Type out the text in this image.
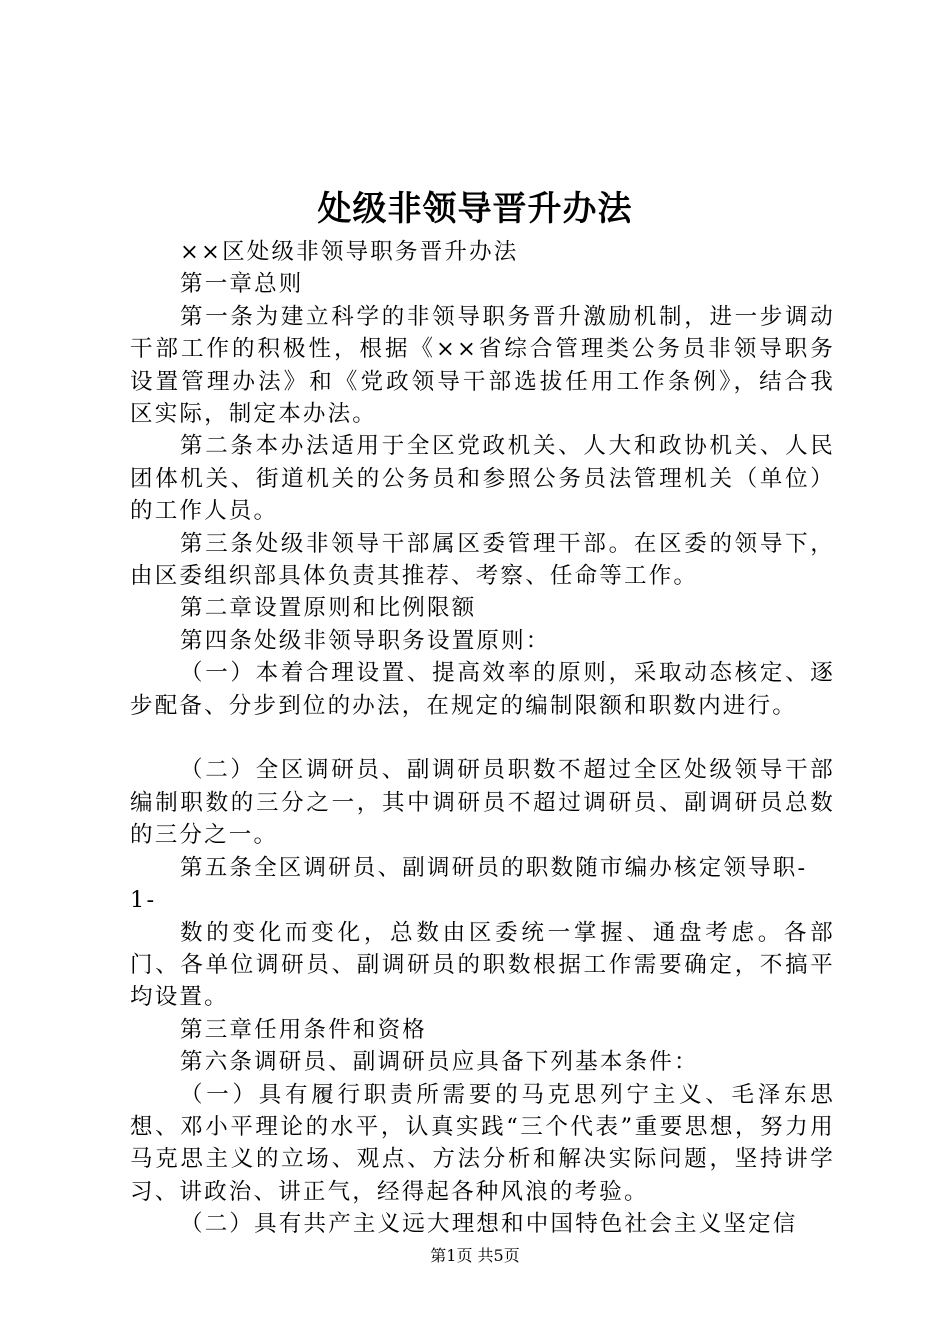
处级非领导晋升办法

××区处级非领导职务晋升办法

第一章总则

第一条为建立科学的非领导职务晋升激励机制，进一步调动干部工作的积极性，根据《××省综合管理类公务员非领导职务设置管理办法》和《党政领导干部选拔任用工作条例》，结合我区实际，制定本办法。

第二条本办法适用于全区党政机关、人大和政协机关、人民团体机关、街道机关的公务员和参照公务员法管理机关（单位）的工作人员。

第三条处级非领导干部属区委管理干部。在区委的领导下，由区委组织部具体负责其推荐、考察、任命等工作。

第二章设置原则和比例限额

第四条处级非领导职务设置原则：

（一）本着合理设置、提高效率的原则，采取动态核定、逐步配备、分步到位的办法，在规定的编制限额和职数内进行。

（二）全区调研员、副调研员职数不超过全区处级领导干部编制职数的三分之一，其中调研员不超过调研员、副调研员总数的三分之一。

第五条全区调研员、副调研员的职数随市编办核定领导职-

1-

数的变化而变化，总数由区委统一掌握、通盘考虑。各部门、各单位调研员、副调研员的职数根据工作需要确定，不搞平均设置。

第三章任用条件和资格

第六条调研员、副调研员应具备下列基本条件：

（一）具有履行职责所需要的马克思列宁主义、毛泽东思想、邓小平理论的水平，认真实践“三个代表”重要思想，努力用马克思主义的立场、观点、方法分析和解决实际问题，坚持讲学习、讲政治、讲正气，经得起各种风浪的考验。

（二）具有共产主义远大理想和中国特色社会主义坚定信

第1页 共5页
